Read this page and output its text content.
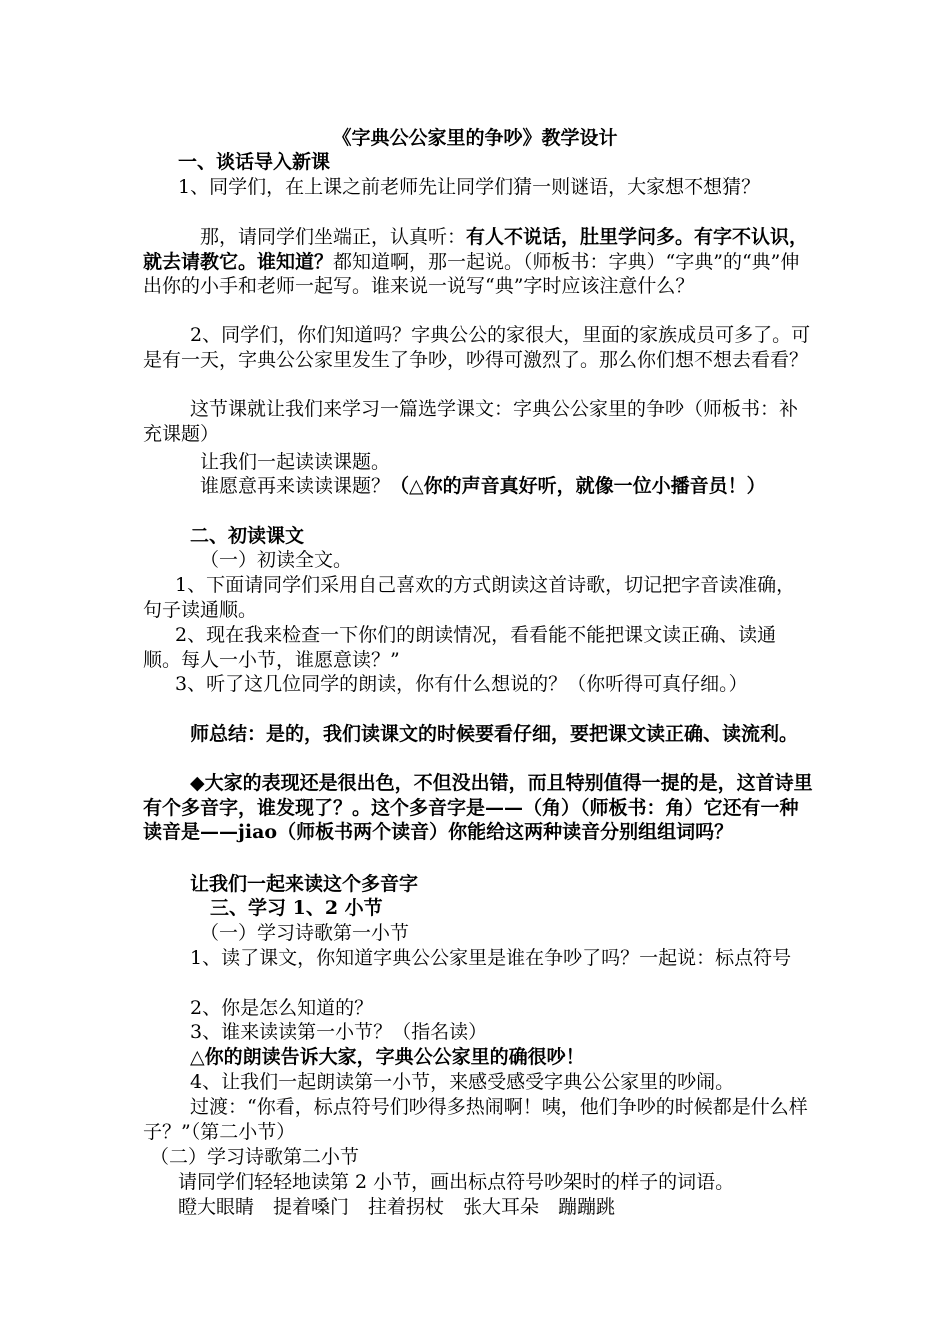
《字典公公家里的争吵》教学设计
一、谈话导入新课
1、同学们，在上课之前老师先让同学们猜一则谜语，大家想不想猜？
那，请同学们坐端正，认真听：有人不说话，肚里学问多。有字不认识，就去请教它。谁知道？都知道啊，那一起说。（师板书：字典）“字典”的“典”伸出你的小手和老师一起写。谁来说一说写“典”字时应该注意什么？
2、同学们，你们知道吗？字典公公的家很大，里面的家族成员可多了。可是有一天，字典公公家里发生了争吵，吵得可激烈了。那么你们想不想去看看？
这节课就让我们来学习一篇选学课文：字典公公家里的争吵（师板书：补充课题）
让我们一起读读课题。
谁愿意再来读读课题？（△你的声音真好听，就像一位小播音员！）
二、初读课文
（一）初读全文。
1、下面请同学们采用自己喜欢的方式朗读这首诗歌，切记把字音读准确，句子读通顺。
2、现在我来检查一下你们的朗读情况，看看能不能把课文读正确、读通顺。每人一小节，谁愿意读？”
3、听了这几位同学的朗读，你有什么想说的？（你听得可真仔细。）
师总结：是的，我们读课文的时候要看仔细，要把课文读正确、读流利。
◆大家的表现还是很出色，不但没出错，而且特别值得一提的是，这首诗里有个多音字，谁发现了？。这个多音字是——（角）（师板书：角）它还有一种读音是——jiao（师板书两个读音）你能给这两种读音分别组组词吗？
让我们一起来读这个多音字
三、学习 1、2 小节
（一）学习诗歌第一小节
1、读了课文，你知道字典公公家里是谁在争吵了吗？一起说：标点符号
2、你是怎么知道的？
3、谁来读读第一小节？（指名读）
△你的朗读告诉大家，字典公公家里的确很吵！
4、让我们一起朗读第一小节，来感受感受字典公公家里的吵闹。
过渡：“你看，标点符号们吵得多热闹啊！咦，他们争吵的时候都是什么样子？”（第二小节）
（二）学习诗歌第二小节
请同学们轻轻地读第 2 小节，画出标点符号吵架时的样子的词语。
瞪大眼睛　提着嗓门　拄着拐杖　张大耳朵　蹦蹦跳
